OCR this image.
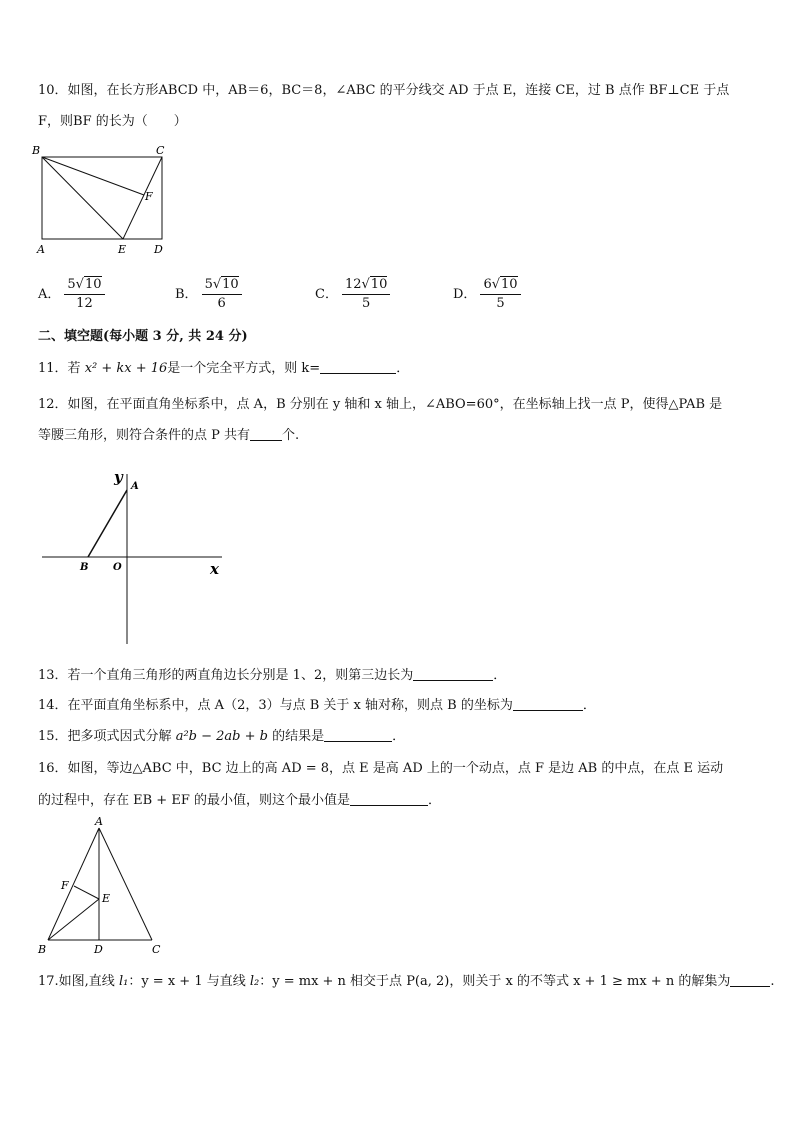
10．如图，在长方形ABCD 中，AB＝6，BC＝8，∠ABC 的平分线交 AD 于点 E，连接 CE，过 B 点作 BF⊥CE 于点
F，则BF 的长为（　　）
B	C
F
A	E	D
A． $\frac{5√10}{12}$	B． $\frac{5√10}{6}$	C． $\frac{12√10}{5}$	D． $\frac{6√10}{5}$
二、填空题(每小题 3 分, 共 24 分)
11．若 x² + kx + 16是一个完全平方式，则 k=	．
12．如图，在平面直角坐标系中，点 A，B 分别在 y 轴和 x 轴上，∠ABO=60°，在坐标轴上找一点 P，使得△PAB 是
等腰三角形，则符合条件的点 P 共有 个.
y
A
B O	x
13．若一个直角三角形的两直角边长分别是 1、2，则第三边长为	．
14．在平面直角坐标系中，点 A（2，3）与点 B 关于 x 轴对称，则点 B 的坐标为	．
15．把多项式因式分解 a²b − 2ab + b 的结果是	．
16．如图，等边△ABC 中，BC 边上的高 AD = 8，点 E 是高 AD 上的一个动点，点 F 是边 AB 的中点，在点 E 运动
的过程中，存在 EB + EF 的最小值，则这个最小值是	．
A
F
E
B	D	C
17.如图,直线 l₁：y = x + 1 与直线 l₂：y = mx + n 相交于点 P(a, 2)，则关于 x 的不等式 x + 1 ≥ mx + n 的解集为	.
